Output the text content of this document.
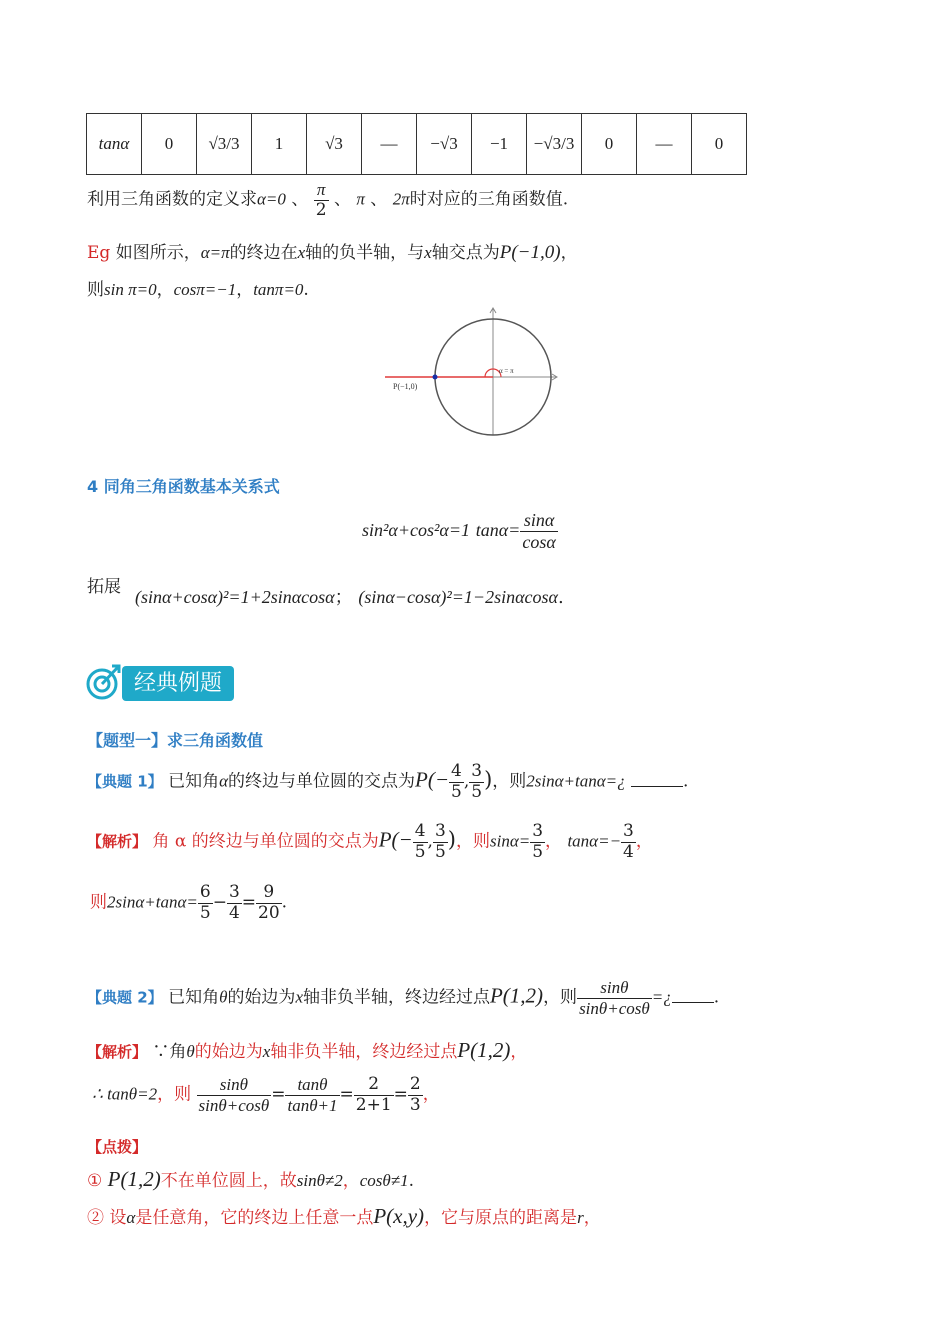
tanα	0	√3/3	1	√3	—	−√3	−1	−√3/3	0	—	0
利用三角函数的定义求α=0 、 $\frac{\pi}{2}$ 、 π 、 2π时对应的三角函数值.
Eg 如图所示，α=π的终边在x轴的负半轴，与x轴交点为P(−1,0)，
则sin π=0，cosπ=−1，tanπ=0.
P(−1,0)
α = π
4 同角三角函数基本关系式
sin²α+cos²α=1 $\tan\alpha= \frac{\sin\alpha}{\cos\alpha}$
拓展 (sinα+cosα)²=1+2sinαcosα； (sinα−cosα)²=1−2sinαcosα.
经典例题
【题型一】求三角函数值
【典题 1】 已知角α的终边与单位圆的交点为$P(- \frac{4}{5}$ , $\frac{3}{5}$ )，则2sinα+tanα=¿	.
【解析】 角 α 的终边与单位圆的交点为$P(- \frac{4}{5}$ , $\frac{3}{5}$ )，则$\sin\alpha= \frac{3}{5}$ ， $\tan\alpha=- \frac{3}{4}$ ，
则$2\sin\alpha+\tan\alpha= \frac{6}{5} - \frac{3}{4} = \frac{9}{20}$ .
【典题 2】 已知角θ的始边为x轴非负半轴，终边经过点P(1,2)，则 $\frac{\sin\theta}{\sin\theta+\cos\theta}$ =¿ .
【解析】 ∵角θ的始边为x轴非负半轴，终边经过点P(1,2)，
∴ tanθ=2，则 $\frac{\sin\theta}{\sin\theta+\cos\theta} = \frac{\tan\theta}{\tan\theta+1} = \frac{2}{2+1} = \frac{2}{3}$ ，
【点拨】
① P(1,2)不在单位圆上，故sinθ≠2，cosθ≠1.
② 设α是任意角，它的终边上任意一点P(x,y)，它与原点的距离是r，
